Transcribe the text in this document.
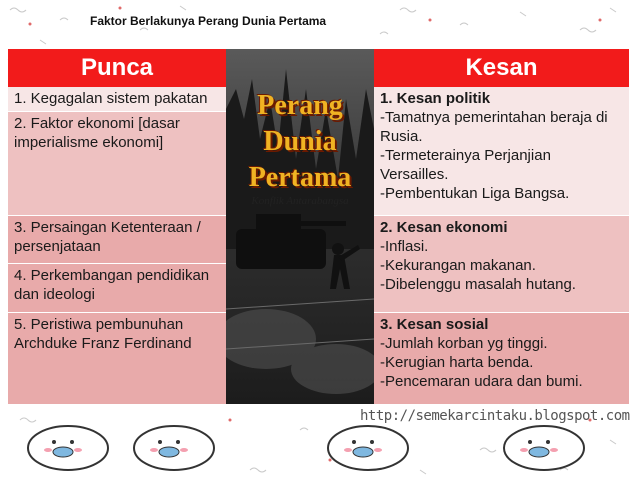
Faktor Berlakunya Perang Dunia Pertama
Punca	Kesan
1. Kegagalan sistem pakatan
2. Faktor ekonomi [dasar imperialisme ekonomi]
3. Persaingan Ketenteraan / persenjataan
4. Perkembangan pendidikan dan ideologi
5. Peristiwa pembunuhan Archduke Franz Ferdinand
Perang
Dunia
Pertama
Konflik Antarabangsa
1. Kesan politik
-Tamatnya pemerintahan beraja di Rusia.
-Termeterainya Perjanjian Versailles.
-Pembentukan Liga Bangsa.
2. Kesan ekonomi
-Inflasi.
-Kekurangan makanan.
-Dibelenggu masalah hutang.
3. Kesan sosial
-Jumlah korban yg tinggi.
-Kerugian harta benda.
-Pencemaran udara dan bumi.
http://semekarcintaku.blogspot.com
